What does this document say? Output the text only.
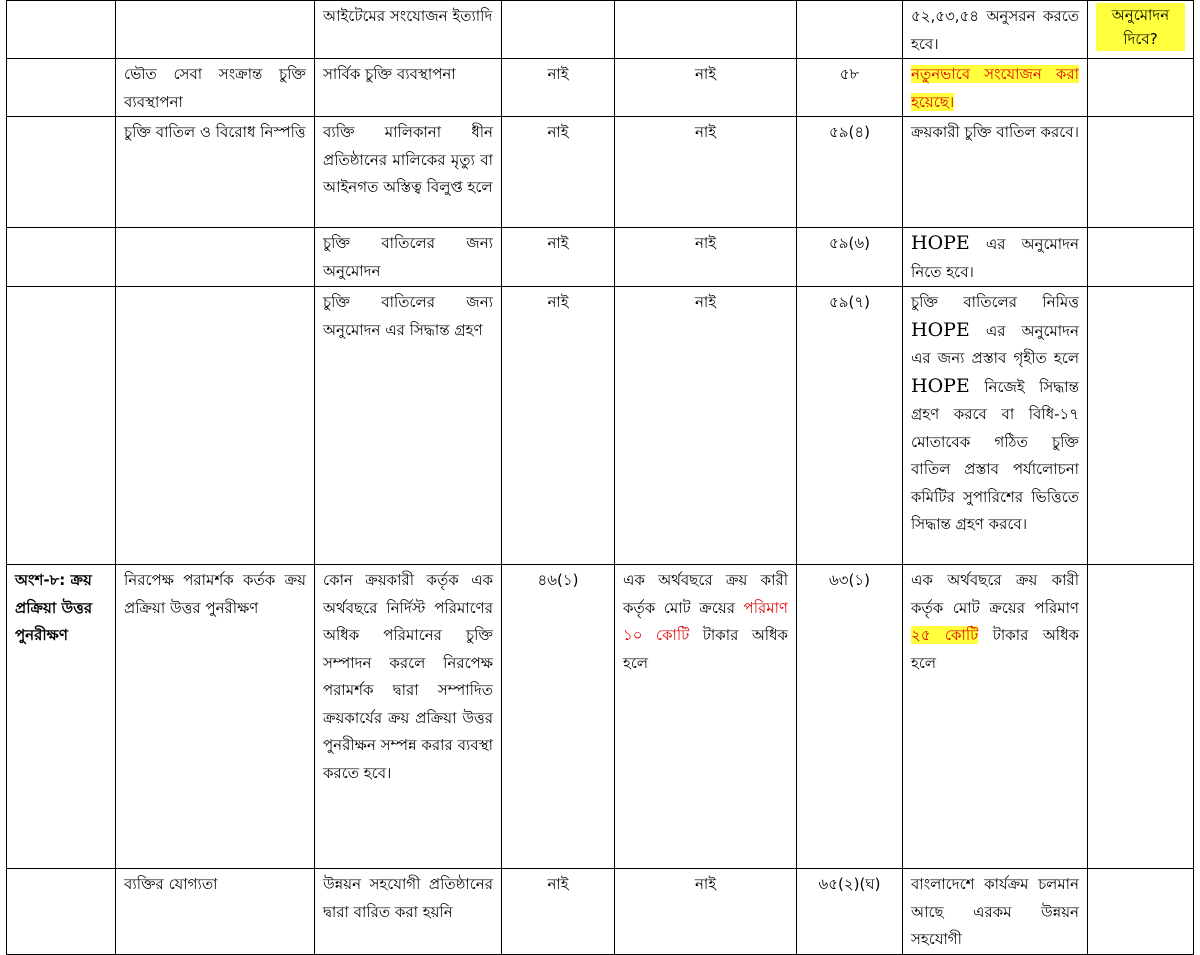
		আইটেমের সংযোজন ইত্যাদি				৫২,৫৩,৫৪ অনুসরন করতে হবে।	অনুমোদন দিবে?
	ভৌত সেবা সংক্রান্ত চুক্তি ব্যবস্থাপনা	সার্বিক চুক্তি ব্যবস্থাপনা	নাই	নাই	৫৮	নতুনভাবে সংযোজন করা হয়েছে।	
	চুক্তি বাতিল ও বিরোধ নিস্পত্তি	ব্যক্তি মালিকানা ধীন প্রতিষ্ঠানের মালিকের মৃত্যু বা আইনগত অস্তিত্ব বিলুপ্ত হলে	নাই	নাই	৫৯(৪)	ক্রয়কারী চুক্তি বাতিল করবে।	
		চুক্তি বাতিলের জন্য অনুমোদন	নাই	নাই	৫৯(৬)	HOPE এর অনুমোদন নিতে হবে।	
		চুক্তি বাতিলের জন্য অনুমোদন এর সিদ্ধান্ত গ্রহণ	নাই	নাই	৫৯(৭)	চুক্তি বাতিলের নিমিত্ত HOPE এর অনুমোদন এর জন্য প্রস্তাব গৃহীত হলে HOPE নিজেই সিদ্ধান্ত গ্রহণ করবে বা বিধি-১৭ মোতাবেক গঠিত চুক্তি বাতিল প্রস্তাব পর্যালোচনা কমিটির সুপারিশের ভিত্তিতে সিদ্ধান্ত গ্রহণ করবে।	
অংশ-৮: ক্রয় প্রক্রিয়া উত্তর পুনরীক্ষণ	নিরপেক্ষ পরামর্শক কর্তক ক্রয় প্রক্রিয়া উত্তর পুনরীক্ষণ	কোন ক্রয়কারী কর্তৃক এক অর্থবছরে নির্দিস্ট পরিমাণের অধিক পরিমানের চুক্তি সম্পাদন করলে নিরপেক্ষ পরামর্শক দ্বারা সম্পাদিত ক্রয়কার্যের ক্রয় প্রক্রিয়া উত্তর পুনরীক্ষন সম্পন্ন করার ব্যবস্থা করতে হবে।	৪৬(১)	এক অর্থবছরে ক্রয় কারী কর্তৃক মোট ক্রয়ের পরিমাণ ১০ কোটি টাকার অধিক হলে	৬৩(১)	এক অর্থবছরে ক্রয় কারী কর্তৃক মোট ক্রয়ের পরিমাণ ২৫ কোটি টাকার অধিক হলে	
	ব্যক্তির যোগ্যতা	উন্নয়ন সহযোগী প্রতিষ্ঠানের দ্বারা বারিত করা হয়নি	নাই	নাই	৬৫(২)(ঘ)	বাংলাদেশে কার্যক্রম চলমান আছে এরকম উন্নয়ন সহযোগী	
